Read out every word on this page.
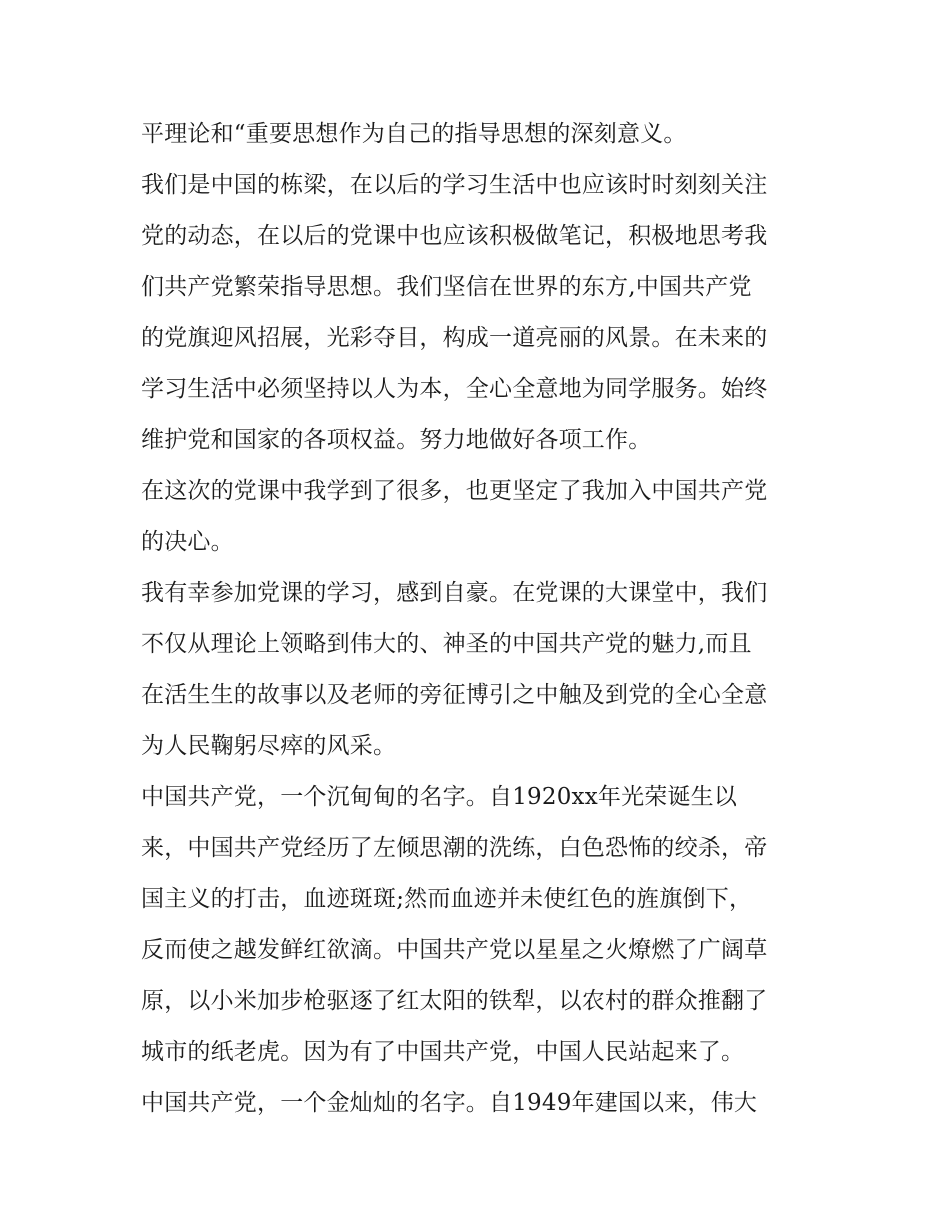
平理论和“重要思想作为自己的指导思想的深刻意义。
我们是中国的栋梁，在以后的学习生活中也应该时时刻刻关注
党的动态，在以后的党课中也应该积极做笔记，积极地思考我
们共产党繁荣指导思想。我们坚信在世界的东方,中国共产党
的党旗迎风招展，光彩夺目，构成一道亮丽的风景。在未来的
学习生活中必须坚持以人为本，全心全意地为同学服务。始终
维护党和国家的各项权益。努力地做好各项工作。
在这次的党课中我学到了很多，也更坚定了我加入中国共产党
的决心。
我有幸参加党课的学习，感到自豪。在党课的大课堂中，我们
不仅从理论上领略到伟大的、神圣的中国共产党的魅力,而且
在活生生的故事以及老师的旁征博引之中触及到党的全心全意
为人民鞠躬尽瘁的风采。
中国共产党，一个沉甸甸的名字。自1920xx年光荣诞生以
来，中国共产党经历了左倾思潮的洗练，白色恐怖的绞杀，帝
国主义的打击，血迹斑斑;然而血迹并未使红色的旌旗倒下，
反而使之越发鲜红欲滴。中国共产党以星星之火燎燃了广阔草
原，以小米加步枪驱逐了红太阳的铁犁，以农村的群众推翻了
城市的纸老虎。因为有了中国共产党，中国人民站起来了。
中国共产党，一个金灿灿的名字。自1949年建国以来，伟大
